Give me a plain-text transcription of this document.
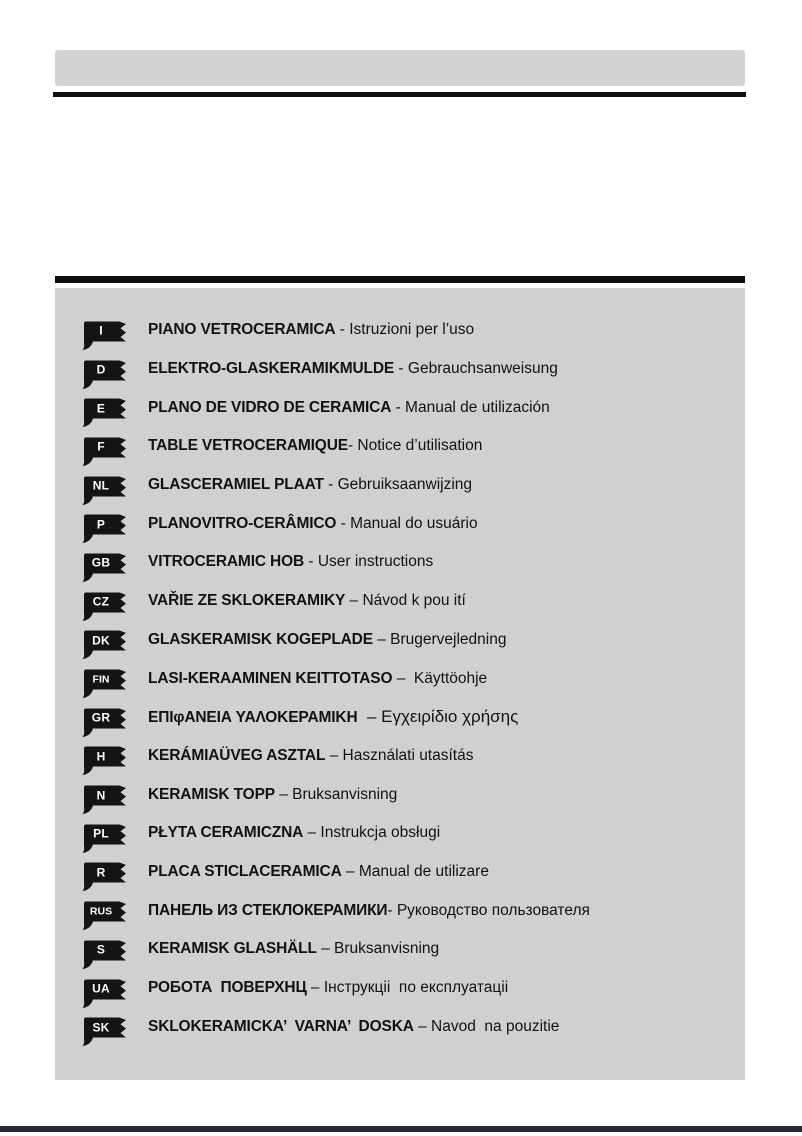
I	PIANO VETROCERAMICA - Istruzioni per l’uso
D	ELEKTRO-GLASKERAMIKMULDE - Gebrauchsanweisung
E	PLANO DE VIDRO DE CERAMICA - Manual de utilización
F	TABLE VETROCERAMIQUE- Notice d’utilisation
NL	GLASCERAMIEL PLAAT - Gebruiksaanwijzing
P	PLANOVITRO-CERÂMICO - Manual do usuário
GB	VITROCERAMIC HOB - User instructions
CZ	VAŘIE ZE SKLOKERAMIKY – Návod k pou ití
DK	GLASKERAMISK KOGEPLADE – Brugervejledning
FIN	LASI-KERAAMINEN KEITTOTASO –  Käyttöohje
GR	ΕΠΙφΑΝΕΙΑ ΥΑΛΟΚΕΡΑΜΙΚΗ  – Εγχειρίδιο χρήσης
H	KERÁMIAÜVEG ASZTAL – Használati utasítás
N	KERAMISK TOPP – Bruksanvisning
PL	PŁYTA CERAMICZNA – Instrukcja obsługi
R	PLACA STICLACERAMICA – Manual de utilizare
RUS	ПАНЕЛЬ ИЗ СТЕКЛОКЕРАМИКИ- Руководство пользователя
S	KERAMISK GLASHÄLL – Bruksanvisning
UA	РОБОТА  ПОВЕРХНЦ – Інструкціі  по експлуатаціі
SK	SKLOKERAMICKA’  VARNA’  DOSKA – Navod  na pouzitie
